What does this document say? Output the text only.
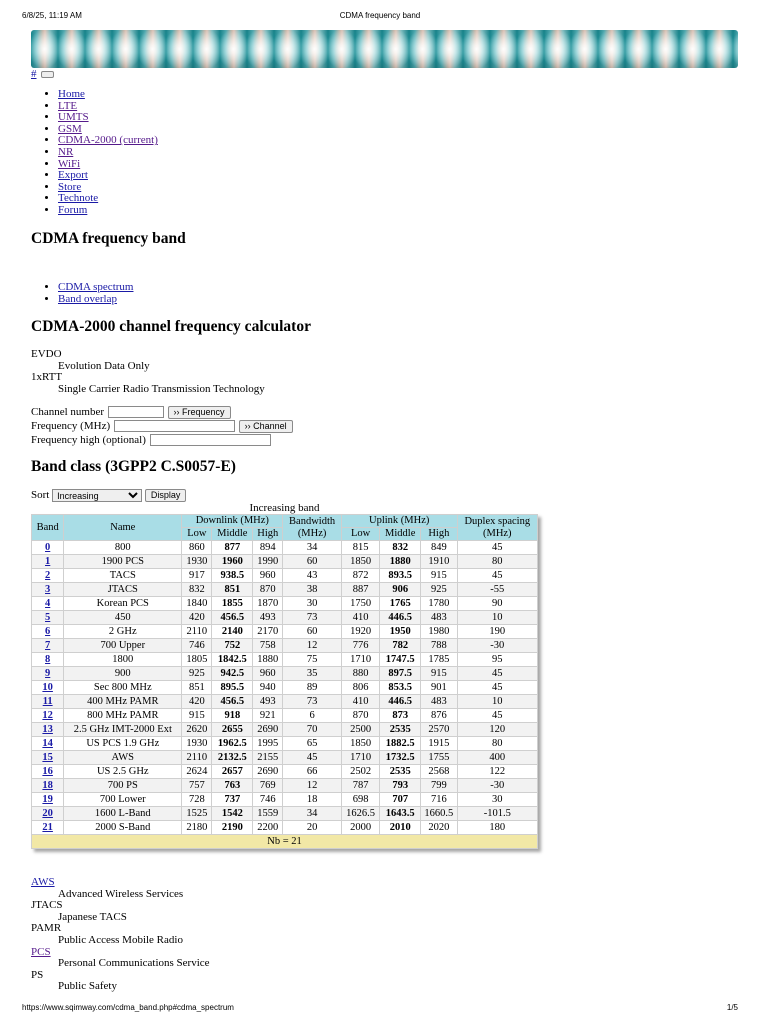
6/8/25, 11:19 AM	CDMA frequency band
#
• Home
• LTE
• UMTS
• GSM
• CDMA-2000 (current)
• NR
• WiFi
• Export
• Store
• Technote
• Forum
CDMA frequency band
• CDMA spectrum
• Band overlap
CDMA-2000 channel frequency calculator
EVDO
Evolution Data Only
1xRTT
Single Carrier Radio Transmission Technology
Channel number	›› Frequency
Frequency (MHz)	›› Channel
Frequency high (optional)
Band class (3GPP2 C.S0057-E)
Sort
Increasing	Display
Increasing band
Band	Name	Downlink (MHz)			Bandwidth (MHz)	Uplink (MHz)			Duplex spacing (MHz)
		Low	Middle	High		Low	Middle	High	
0	800	860	877	894	34	815	832	849	45
1	1900 PCS	1930	1960	1990	60	1850	1880	1910	80
2	TACS	917	938.5	960	43	872	893.5	915	45
3	JTACS	832	851	870	38	887	906	925	-55
4	Korean PCS	1840	1855	1870	30	1750	1765	1780	90
5	450	420	456.5	493	73	410	446.5	483	10
6	2 GHz	2110	2140	2170	60	1920	1950	1980	190
7	700 Upper	746	752	758	12	776	782	788	-30
8	1800	1805	1842.5	1880	75	1710	1747.5	1785	95
9	900	925	942.5	960	35	880	897.5	915	45
10	Sec 800 MHz	851	895.5	940	89	806	853.5	901	45
11	400 MHz PAMR	420	456.5	493	73	410	446.5	483	10
12	800 MHz PAMR	915	918	921	6	870	873	876	45
13	2.5 GHz IMT-2000 Ext	2620	2655	2690	70	2500	2535	2570	120
14	US PCS 1.9 GHz	1930	1962.5	1995	65	1850	1882.5	1915	80
15	AWS	2110	2132.5	2155	45	1710	1732.5	1755	400
16	US 2.5 GHz	2624	2657	2690	66	2502	2535	2568	122
18	700 PS	757	763	769	12	787	793	799	-30
19	700 Lower	728	737	746	18	698	707	716	30
20	1600 L-Band	1525	1542	1559	34	1626.5	1643.5	1660.5	-101.5
21	2000 S-Band	2180	2190	2200	20	2000	2010	2020	180
Nb = 21									
AWS
Advanced Wireless Services
JTACS
Japanese TACS
PAMR
Public Access Mobile Radio
PCS
Personal Communications Service
PS
Public Safety
https://www.sqimway.com/cdma_band.php#cdma_spectrum	1/5
